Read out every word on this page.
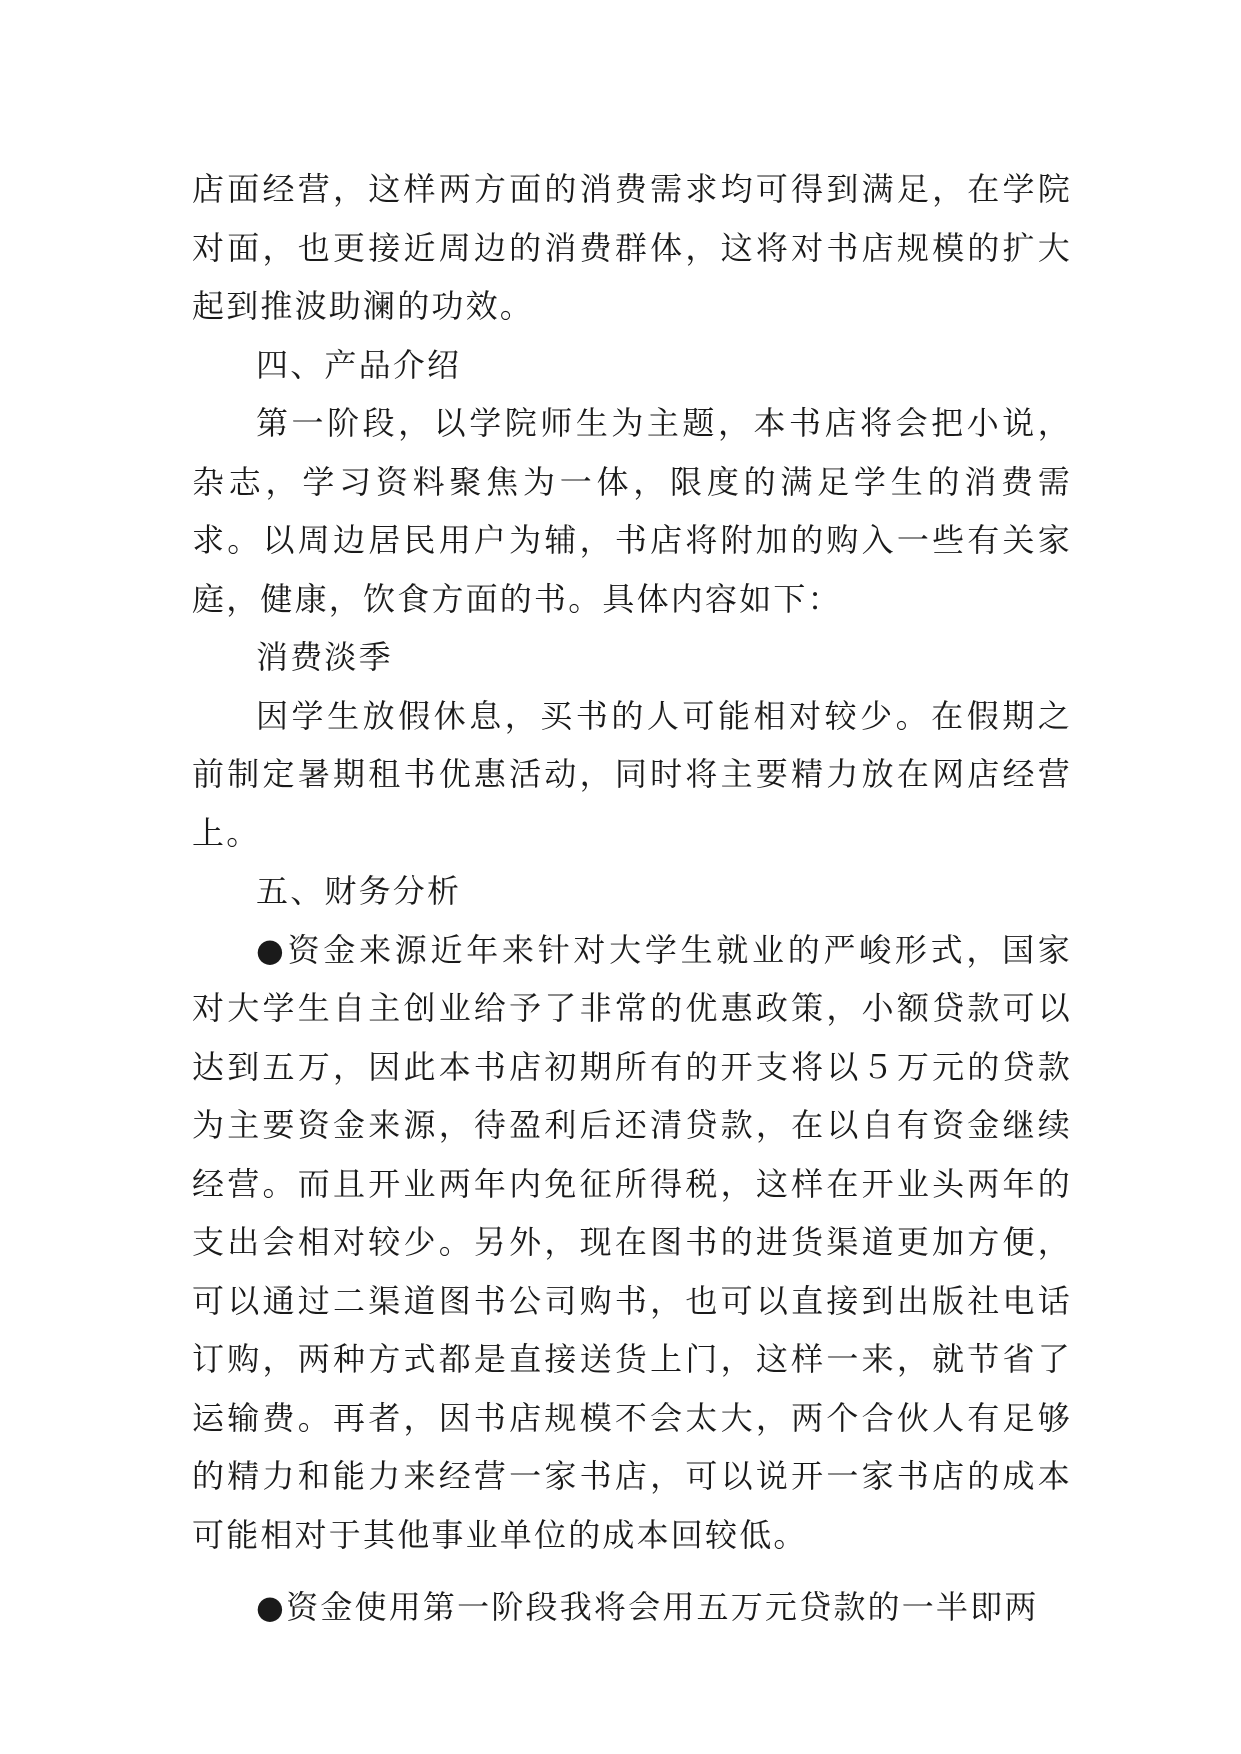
店面经营，这样两方面的消费需求均可得到满足，在学院对面，也更接近周边的消费群体，这将对书店规模的扩大起到推波助澜的功效。

四、产品介绍

第一阶段，以学院师生为主题，本书店将会把小说，杂志，学习资料聚焦为一体，限度的满足学生的消费需求。以周边居民用户为辅，书店将附加的购入一些有关家庭，健康，饮食方面的书。具体内容如下：

消费淡季

因学生放假休息，买书的人可能相对较少。在假期之前制定暑期租书优惠活动，同时将主要精力放在网店经营上。

五、财务分析

●资金来源近年来针对大学生就业的严峻形式，国家对大学生自主创业给予了非常的优惠政策，小额贷款可以达到五万，因此本书店初期所有的开支将以５万元的贷款为主要资金来源，待盈利后还清贷款，在以自有资金继续经营。而且开业两年内免征所得税，这样在开业头两年的支出会相对较少。另外，现在图书的进货渠道更加方便，可以通过二渠道图书公司购书，也可以直接到出版社电话订购，两种方式都是直接送货上门，这样一来，就节省了运输费。再者，因书店规模不会太大，两个合伙人有足够的精力和能力来经营一家书店，可以说开一家书店的成本可能相对于其他事业单位的成本回较低。

●资金使用第一阶段我将会用五万元贷款的一半即两
